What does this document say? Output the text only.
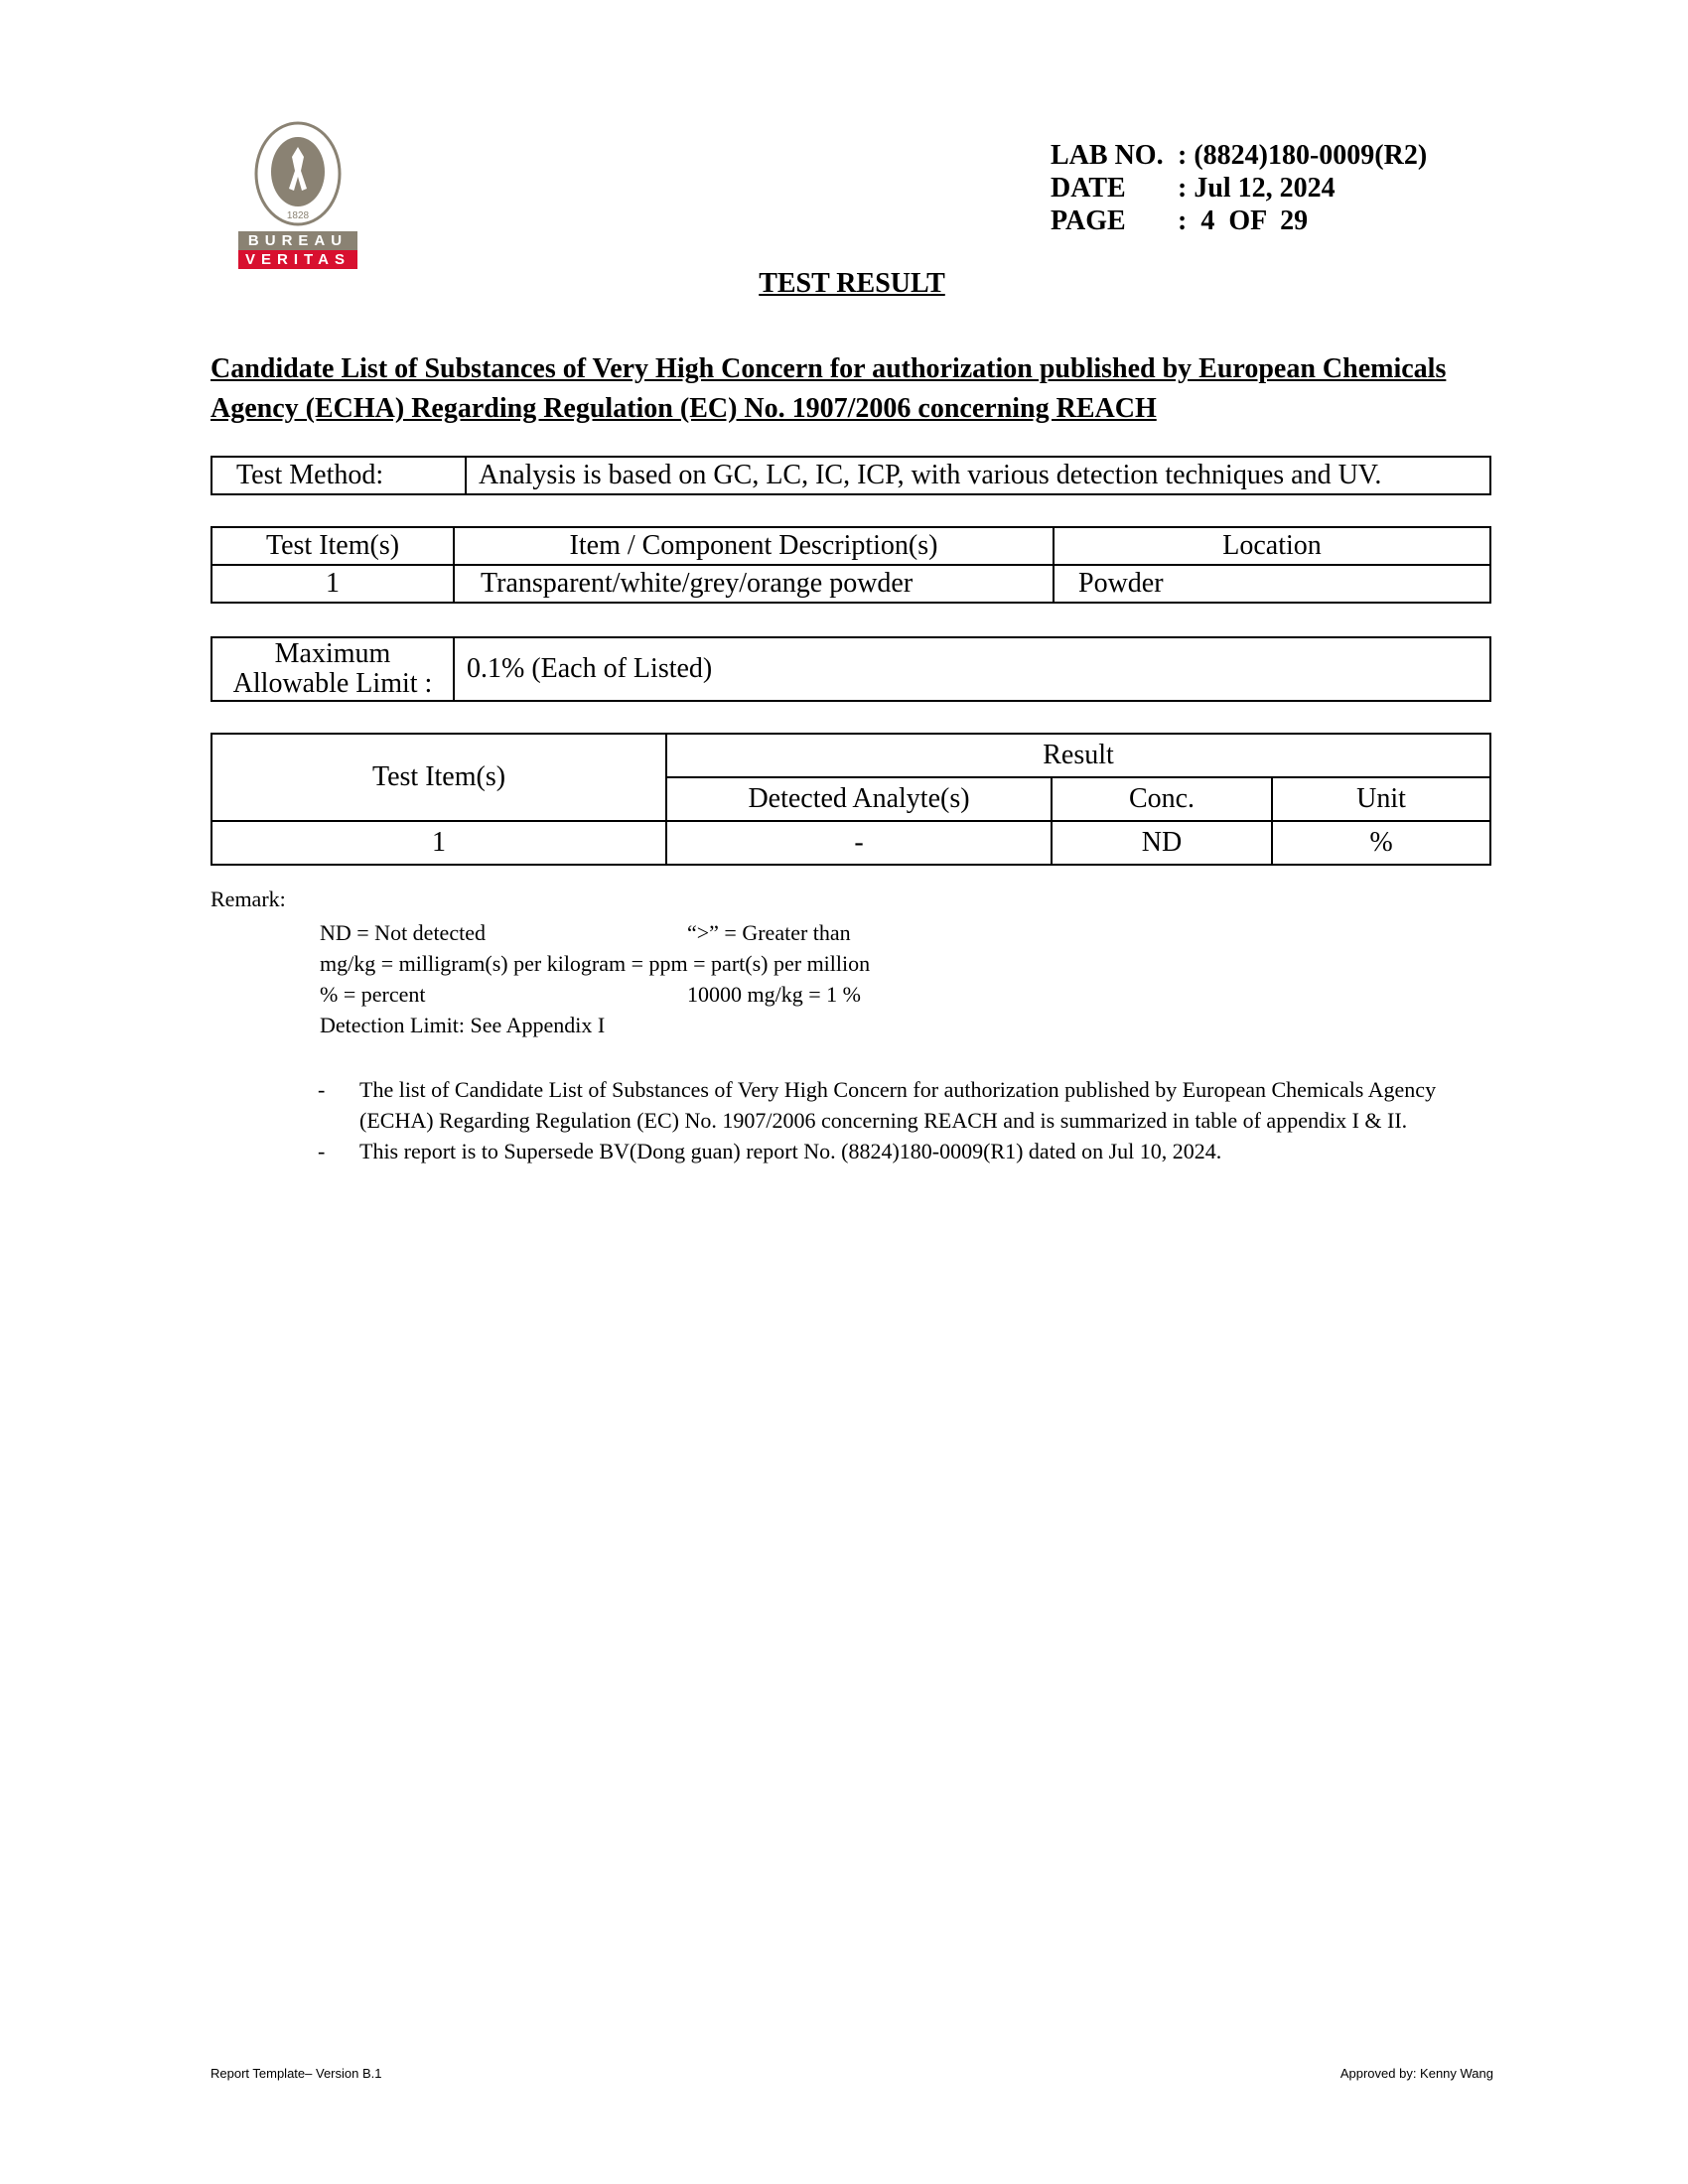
1828
BUREAU
VERITAS
LAB NO. : (8824)180-0009(R2)
DATE	: Jul 12, 2024
PAGE	:  4  OF  29
TEST RESULT
Candidate List of Substances of Very High Concern for authorization published by European Chemicals Agency (ECHA) Regarding Regulation (EC) No. 1907/2006 concerning REACH
Test Method:	Analysis is based on GC, LC, IC, ICP, with various detection techniques and UV.
Test Item(s)	Item / Component Description(s)	Location
1	Transparent/white/grey/orange powder	Powder
Maximum
Allowable Limit :	0.1% (Each of Listed)
Test Item(s)	Result		
	Detected Analyte(s)	Conc.	Unit
1	-	ND	%
Remark:
ND = Not detected	“>” = Greater than
mg/kg = milligram(s) per kilogram = ppm = part(s) per million
% = percent	10000 mg/kg = 1 %
Detection Limit: See Appendix I
-	The list of Candidate List of Substances of Very High Concern for authorization published by European Chemicals Agency (ECHA) Regarding Regulation (EC) No. 1907/2006 concerning REACH and is summarized in table of appendix I & II.
-	This report is to Supersede BV(Dong guan) report No. (8824)180-0009(R1) dated on Jul 10, 2024.
Report Template– Version B.1	Approved by: Kenny Wang
